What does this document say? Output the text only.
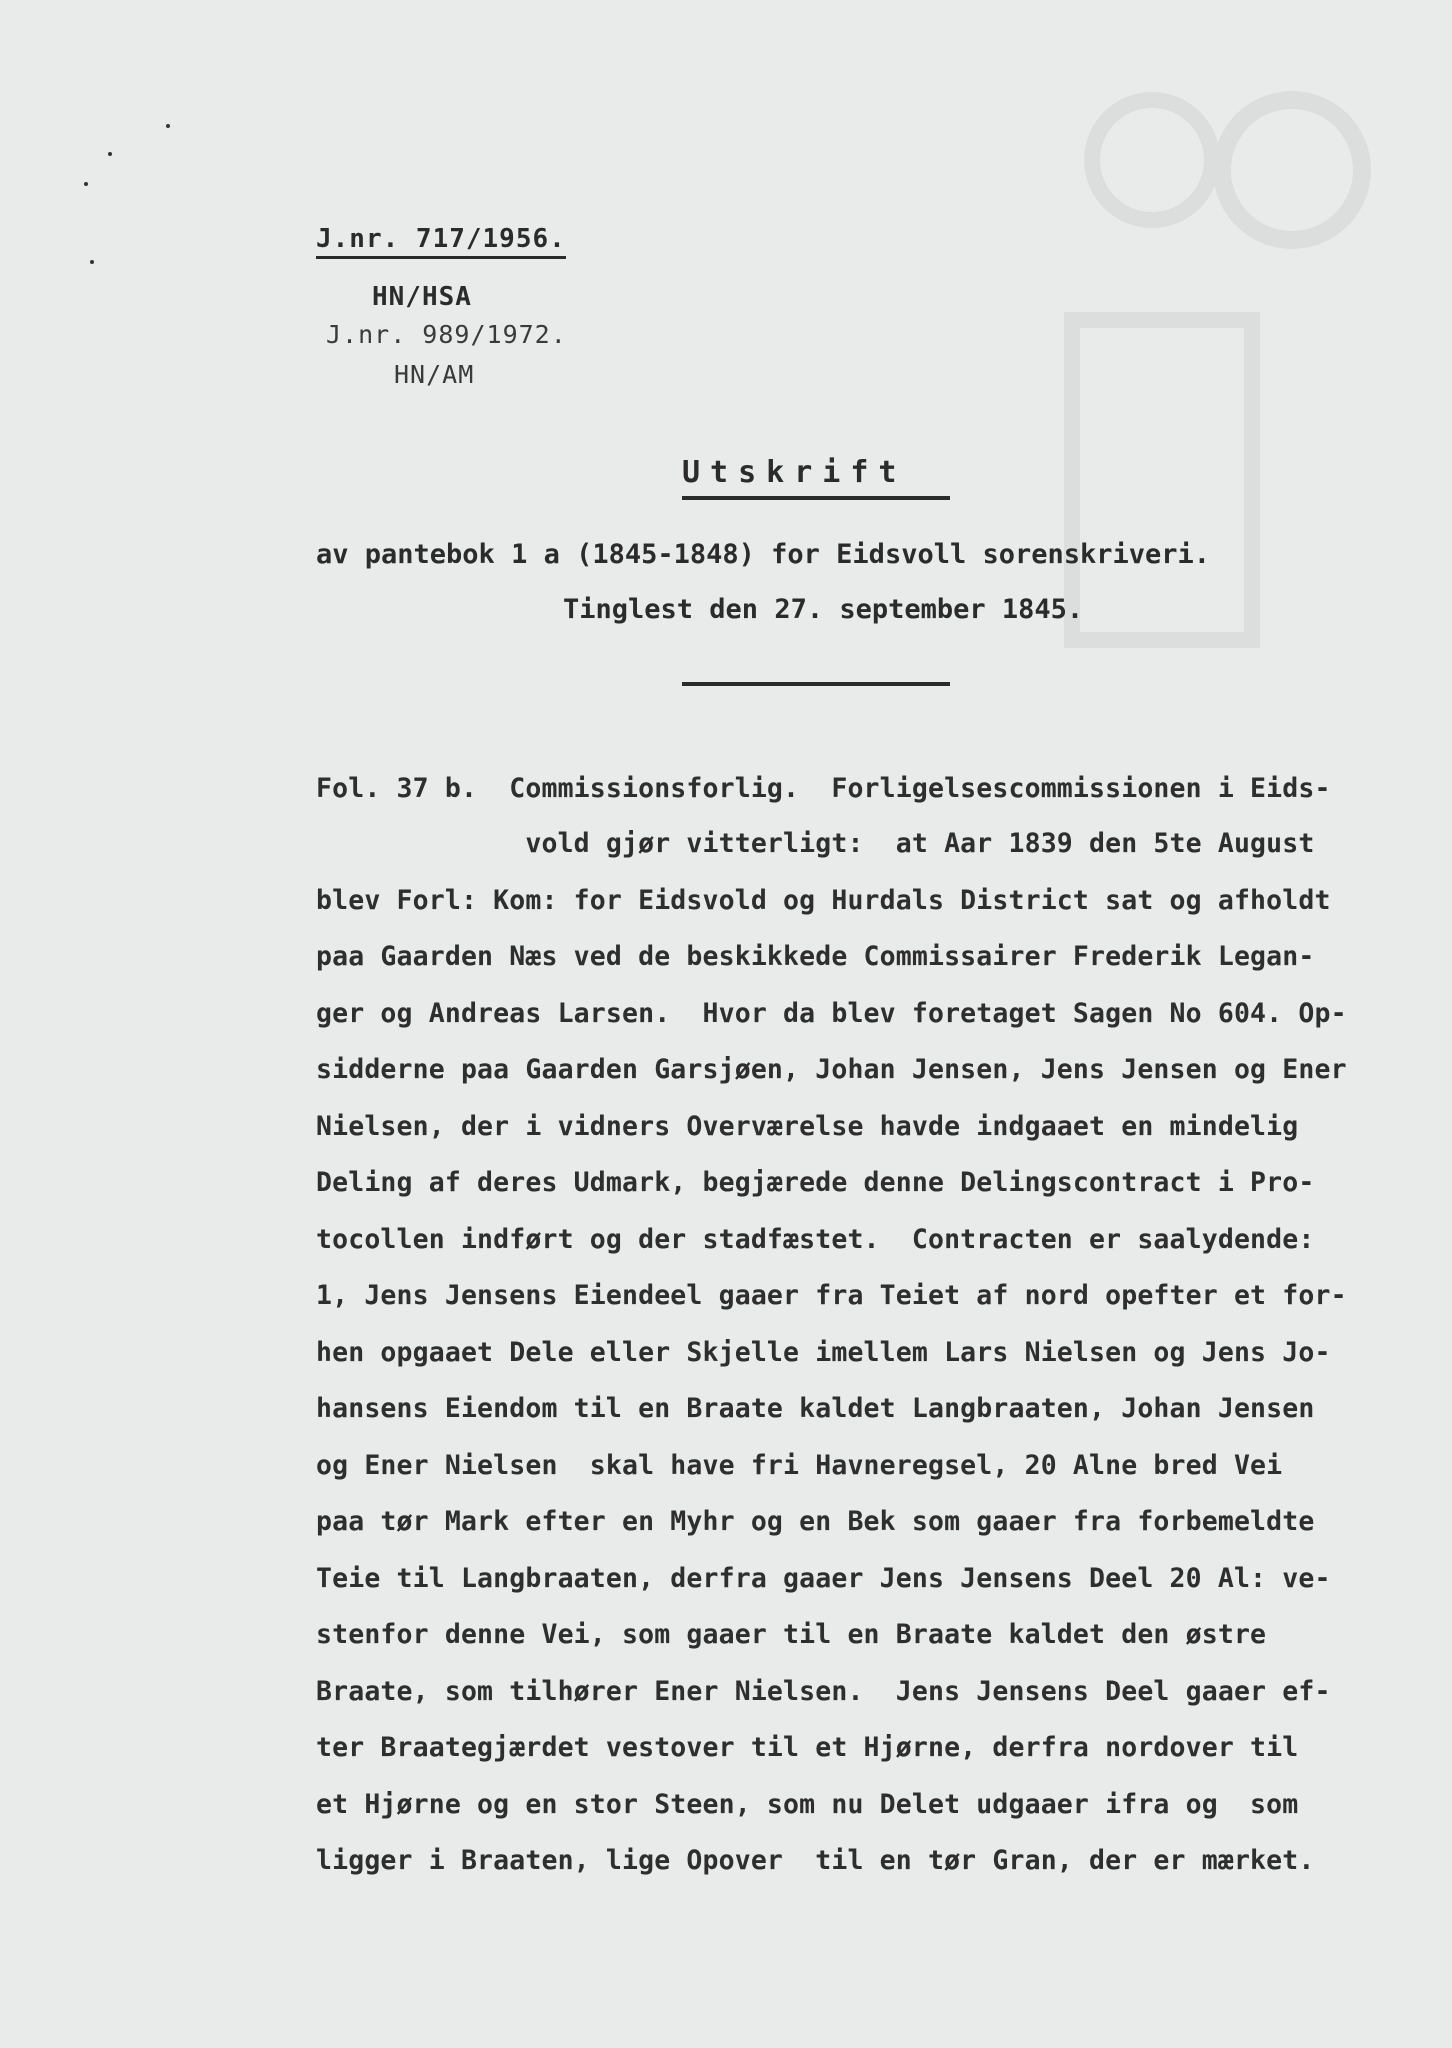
J.nr. 717/1956.
HN/HSA
J.nr. 989/1972.
HN/AM
Utskrift
av pantebok 1 a (1845-1848) for Eidsvoll sorenskriveri.
Tinglest den 27. september 1845.
Fol. 37 b.  Commissionsforlig.  Forligelsescommissionen i Eids-
vold gjør vitterligt:  at Aar 1839 den 5te August
blev Forl: Kom: for Eidsvold og Hurdals District sat og afholdt
paa Gaarden Næs ved de beskikkede Commissairer Frederik Legan-
ger og Andreas Larsen.  Hvor da blev foretaget Sagen No 604. Op-
sidderne paa Gaarden Garsjøen, Johan Jensen, Jens Jensen og Ener
Nielsen, der i vidners Overværelse havde indgaaet en mindelig
Deling af deres Udmark, begjærede denne Delingscontract i Pro-
tocollen indført og der stadfæstet.  Contracten er saalydende:
1, Jens Jensens Eiendeel gaaer fra Teiet af nord opefter et for-
hen opgaaet Dele eller Skjelle imellem Lars Nielsen og Jens Jo-
hansens Eiendom til en Braate kaldet Langbraaten, Johan Jensen
og Ener Nielsen  skal have fri Havneregsel, 20 Alne bred Vei
paa tør Mark efter en Myhr og en Bek som gaaer fra forbemeldte
Teie til Langbraaten, derfra gaaer Jens Jensens Deel 20 Al: ve-
stenfor denne Vei, som gaaer til en Braate kaldet den østre
Braate, som tilhører Ener Nielsen.  Jens Jensens Deel gaaer ef-
ter Braategjærdet vestover til et Hjørne, derfra nordover til
et Hjørne og en stor Steen, som nu Delet udgaaer ifra og  som
ligger i Braaten, lige Opover  til en tør Gran, der er mærket.
